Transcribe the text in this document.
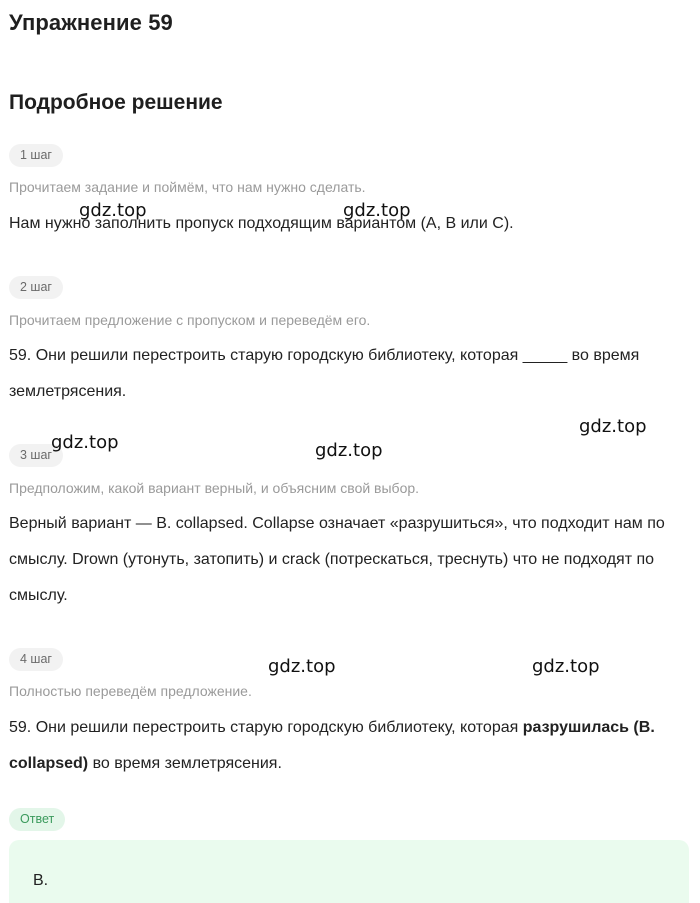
Упражнение 59
Подробное решение
1 шаг
Прочитаем задание и поймём, что нам нужно сделать.
Нам нужно заполнить пропуск подходящим вариантом (A, B или C).
2 шаг
Прочитаем предложение с пропуском и переведём его.
59. Они решили перестроить старую городскую библиотеку, которая _____ во время землетрясения.
3 шаг
Предположим, какой вариант верный, и объясним свой выбор.
Верный вариант — B. collapsed. Collapse означает «разрушиться», что подходит нам по смыслу. Drown (утонуть, затопить) и crack (потрескаться, треснуть) что не подходят по смыслу.
4 шаг
Полностью переведём предложение.
59. Они решили перестроить старую городскую библиотеку, которая разрушилась (B. collapsed) во время землетрясения.
Ответ
B.
gdz.top	gdz.top
gdz.top	gdz.top
gdz.top
gdz.top	gdz.top
